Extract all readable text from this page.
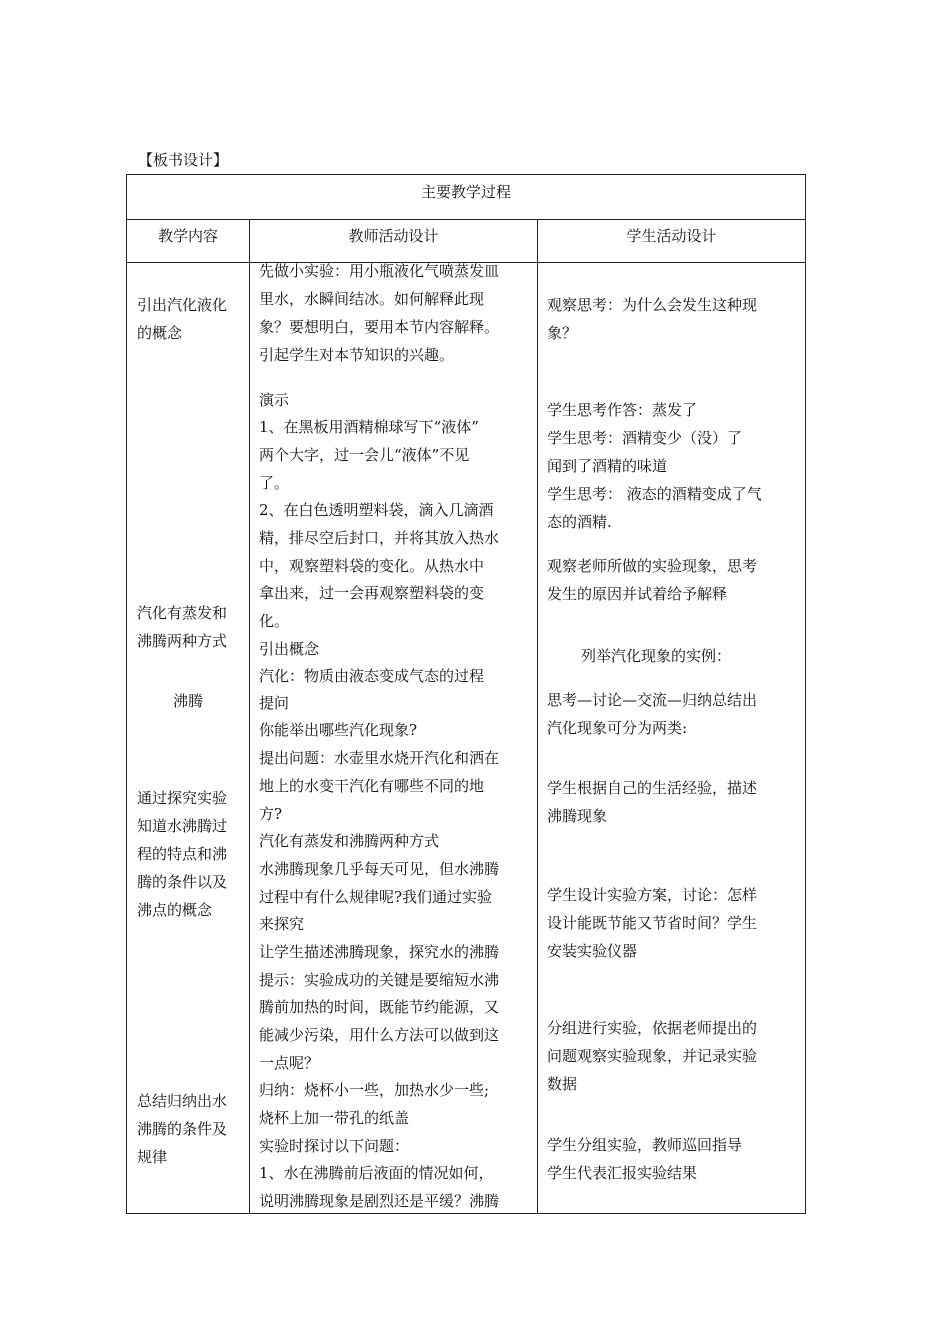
【板书设计】
主要教学过程
教学内容	教师活动设计	学生活动设计
引出汽化液化
的概念
汽化有蒸发和
沸腾两种方式
沸腾
通过探究实验
知道水沸腾过
程的特点和沸
腾的条件以及
沸点的概念
总结归纳出水
沸腾的条件及
规律
先做小实验：用小瓶液化气喷蒸发皿
里水，水瞬间结冰。如何解释此现
象？要想明白，要用本节内容解释。
引起学生对本节知识的兴趣。
演示
1、在黑板用酒精棉球写下“液体”
两个大字，过一会儿“液体”不见
了。
2、在白色透明塑料袋，滴入几滴酒
精，排尽空后封口，并将其放入热水
中，观察塑料袋的变化。从热水中
拿出来，过一会再观察塑料袋的变
化。
引出概念
汽化：物质由液态变成气态的过程
提问
你能举出哪些汽化现象?
提出问题：水壶里水烧开汽化和洒在
地上的水变干汽化有哪些不同的地
方?
汽化有蒸发和沸腾两种方式
水沸腾现象几乎每天可见，但水沸腾
过程中有什么规律呢?我们通过实验
来探究
让学生描述沸腾现象，探究水的沸腾
提示：实验成功的关键是要缩短水沸
腾前加热的时间，既能节约能源，又
能减少污染，用什么方法可以做到这
一点呢？
归纳：烧杯小一些，加热水少一些;
烧杯上加一带孔的纸盖
实验时探讨以下问题：
1、水在沸腾前后液面的情况如何，
说明沸腾现象是剧烈还是平缓？沸腾
观察思考：为什么会发生这种现
象？
学生思考作答：蒸发了
学生思考：酒精变少（没）了
闻到了酒精的味道
学生思考： 液态的酒精变成了气
态的酒精.
观察老师所做的实验现象，思考
发生的原因并试着给予解释
列举汽化现象的实例：
思考—讨论—交流—归纳总结出
汽化现象可分为两类:
学生根据自己的生活经验，描述
沸腾现象
学生设计实验方案，讨论：怎样
设计能既节能又节省时间？学生
安装实验仪器
分组进行实验，依据老师提出的
问题观察实验现象，并记录实验
数据
学生分组实验，教师巡回指导
学生代表汇报实验结果
